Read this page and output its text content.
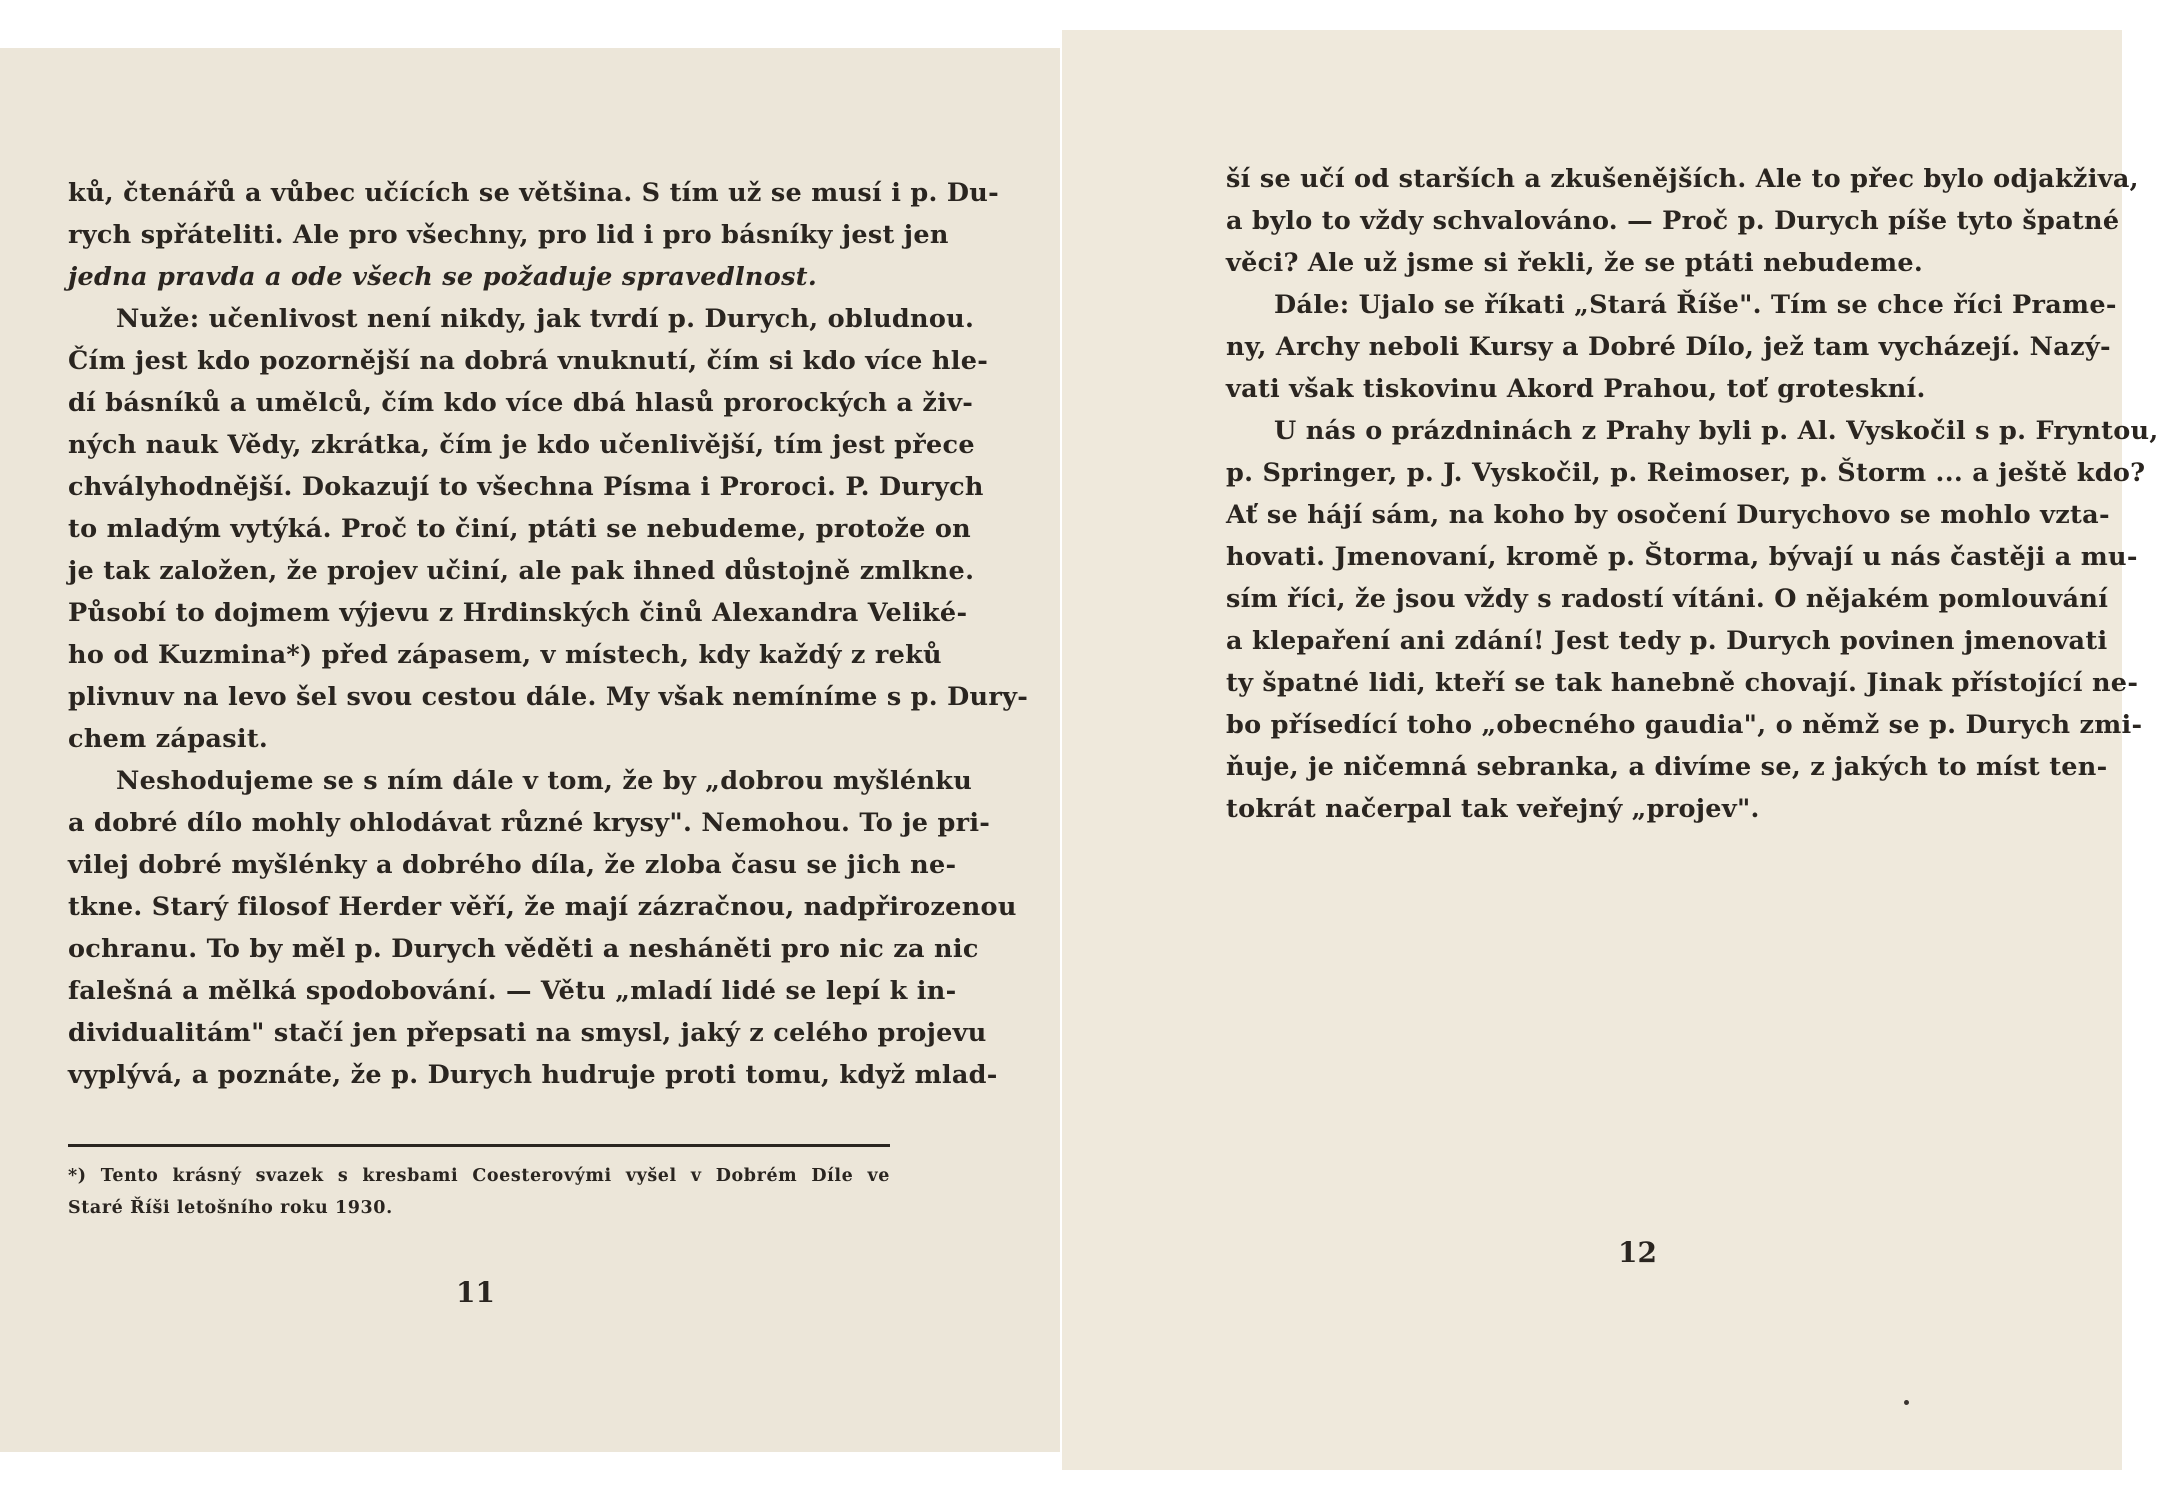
ků, čtenářů a vůbec učících se většina. S tím už se musí i p. Du-
rych spřáteliti. Ale pro všechny, pro lid i pro básníky jest jen
jedna pravda a ode všech se požaduje spravedlnost.
Nuže: učenlivost není nikdy, jak tvrdí p. Durych, obludnou.
Čím jest kdo pozornější na dobrá vnuknutí, čím si kdo více hle-
dí básníků a umělců, čím kdo více dbá hlasů prorockých a živ-
ných nauk Vědy, zkrátka, čím je kdo učenlivější, tím jest přece
chvályhodnější. Dokazují to všechna Písma i Proroci. P. Durych
to mladým vytýká. Proč to činí, ptáti se nebudeme, protože on
je tak založen, že projev učiní, ale pak ihned důstojně zmlkne.
Působí to dojmem výjevu z Hrdinských činů Alexandra Veliké-
ho od Kuzmina*) před zápasem, v místech, kdy každý z reků
plivnuv na levo šel svou cestou dále. My však nemíníme s p. Dury-
chem zápasit.
Neshodujeme se s ním dále v tom, že by „dobrou myšlénku
a dobré dílo mohly ohlodávat různé krysy". Nemohou. To je pri-
vilej dobré myšlénky a dobrého díla, že zloba času se jich ne-
tkne. Starý filosof Herder věří, že mají zázračnou, nadpřirozenou
ochranu. To by měl p. Durych věděti a nesháněti pro nic za nic
falešná a mělká spodobování. — Větu „mladí lidé se lepí k in-
dividualitám" stačí jen přepsati na smysl, jaký z celého projevu
vyplývá, a poznáte, že p. Durych hudruje proti tomu, když mlad-
*) Tento krásný svazek s kresbami Coesterovými vyšel v Dobrém Díle ve
Staré Říši letošního roku 1930.
11
ší se učí od starších a zkušenějších. Ale to přec bylo odjakživa,
a bylo to vždy schvalováno. — Proč p. Durych píše tyto špatné
věci? Ale už jsme si řekli, že se ptáti nebudeme.
Dále: Ujalo se říkati „Stará Říše". Tím se chce říci Prame-
ny, Archy neboli Kursy a Dobré Dílo, jež tam vycházejí. Nazý-
vati však tiskovinu Akord Prahou, toť groteskní.
U nás o prázdninách z Prahy byli p. Al. Vyskočil s p. Fryntou,
p. Springer, p. J. Vyskočil, p. Reimoser, p. Štorm ... a ještě kdo?
Ať se hájí sám, na koho by osočení Durychovo se mohlo vzta-
hovati. Jmenovaní, kromě p. Štorma, bývají u nás častěji a mu-
sím říci, že jsou vždy s radostí vítáni. O nějakém pomlouvání
a klepaření ani zdání! Jest tedy p. Durych povinen jmenovati
ty špatné lidi, kteří se tak hanebně chovají. Jinak přístojící ne-
bo přísedící toho „obecného gaudia", o němž se p. Durych zmi-
ňuje, je ničemná sebranka, a divíme se, z jakých to míst ten-
tokrát načerpal tak veřejný „projev".
12
